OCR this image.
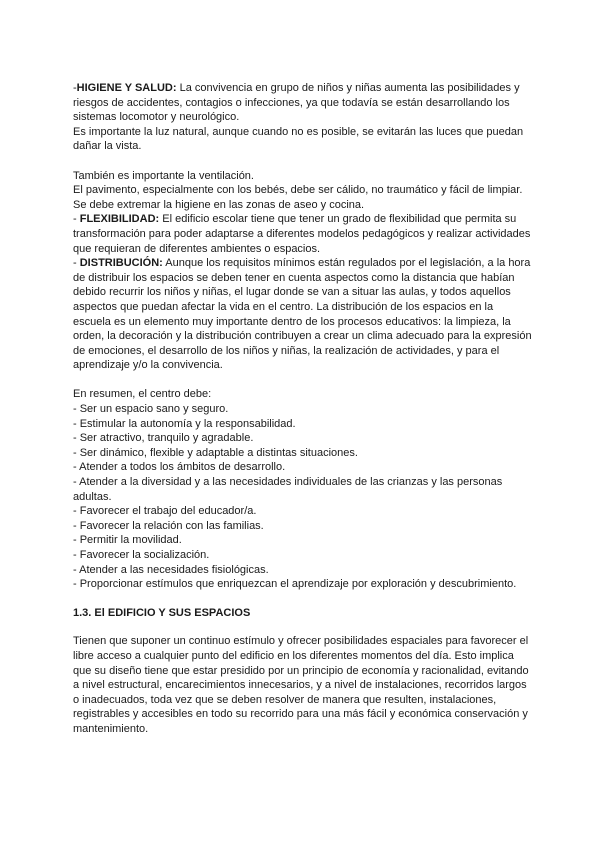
-HIGIENE Y SALUD: La convivencia en grupo de niños y niñas aumenta las posibilidades y riesgos de accidentes, contagios o infecciones, ya que todavía se están desarrollando los sistemas locomotor y neurológico.

Es importante la luz natural, aunque cuando no es posible, se evitarán las luces que puedan dañar la vista.

También es importante la ventilación.

El pavimento, especialmente con los bebés, debe ser cálido, no traumático y fácil de limpiar. Se debe extremar la higiene en las zonas de aseo y cocina.

- FLEXIBILIDAD: El edificio escolar tiene que tener un grado de flexibilidad que permita su transformación para poder adaptarse a diferentes modelos pedagógicos y realizar actividades que requieran de diferentes ambientes o espacios.

- DISTRIBUCIÓN: Aunque los requisitos mínimos están regulados por el legislación, a la hora de distribuir los espacios se deben tener en cuenta aspectos como la distancia que habían debido recurrir los niños y niñas, el lugar donde se van a situar las aulas, y todos aquellos aspectos que puedan afectar la vida en el centro. La distribución de los espacios en la escuela es un elemento muy importante dentro de los procesos educativos: la limpieza, la orden, la decoración y la distribución contribuyen a crear un clima adecuado para la expresión de emociones, el desarrollo de los niños y niñas, la realización de actividades, y para el aprendizaje y/o la convivencia.

En resumen, el centro debe:

- Ser un espacio sano y seguro.
- Estimular la autonomía y la responsabilidad.
- Ser atractivo, tranquilo y agradable.
- Ser dinámico, flexible y adaptable a distintas situaciones.
- Atender a todos los ámbitos de desarrollo.
- Atender a la diversidad y a las necesidades individuales de las crianzas y las personas adultas.
- Favorecer el trabajo del educador/a.
- Favorecer la relación con las familias.
- Permitir la movilidad.
- Favorecer la socialización.
- Atender a las necesidades fisiológicas.
- Proporcionar estímulos que enriquezcan el aprendizaje por exploración y descubrimiento.

1.3. El EDIFICIO Y SUS ESPACIOS

Tienen que suponer un continuo estímulo y ofrecer posibilidades espaciales para favorecer el libre acceso a cualquier punto del edificio en los diferentes momentos del día. Esto implica que su diseño tiene que estar presidido por un principio de economía y racionalidad, evitando a nivel estructural, encarecimientos innecesarios, y a nivel de instalaciones, recorridos largos o inadecuados, toda vez que se deben resolver de manera que resulten, instalaciones, registrables y accesibles en todo su recorrido para una más fácil y económica conservación y mantenimiento.
